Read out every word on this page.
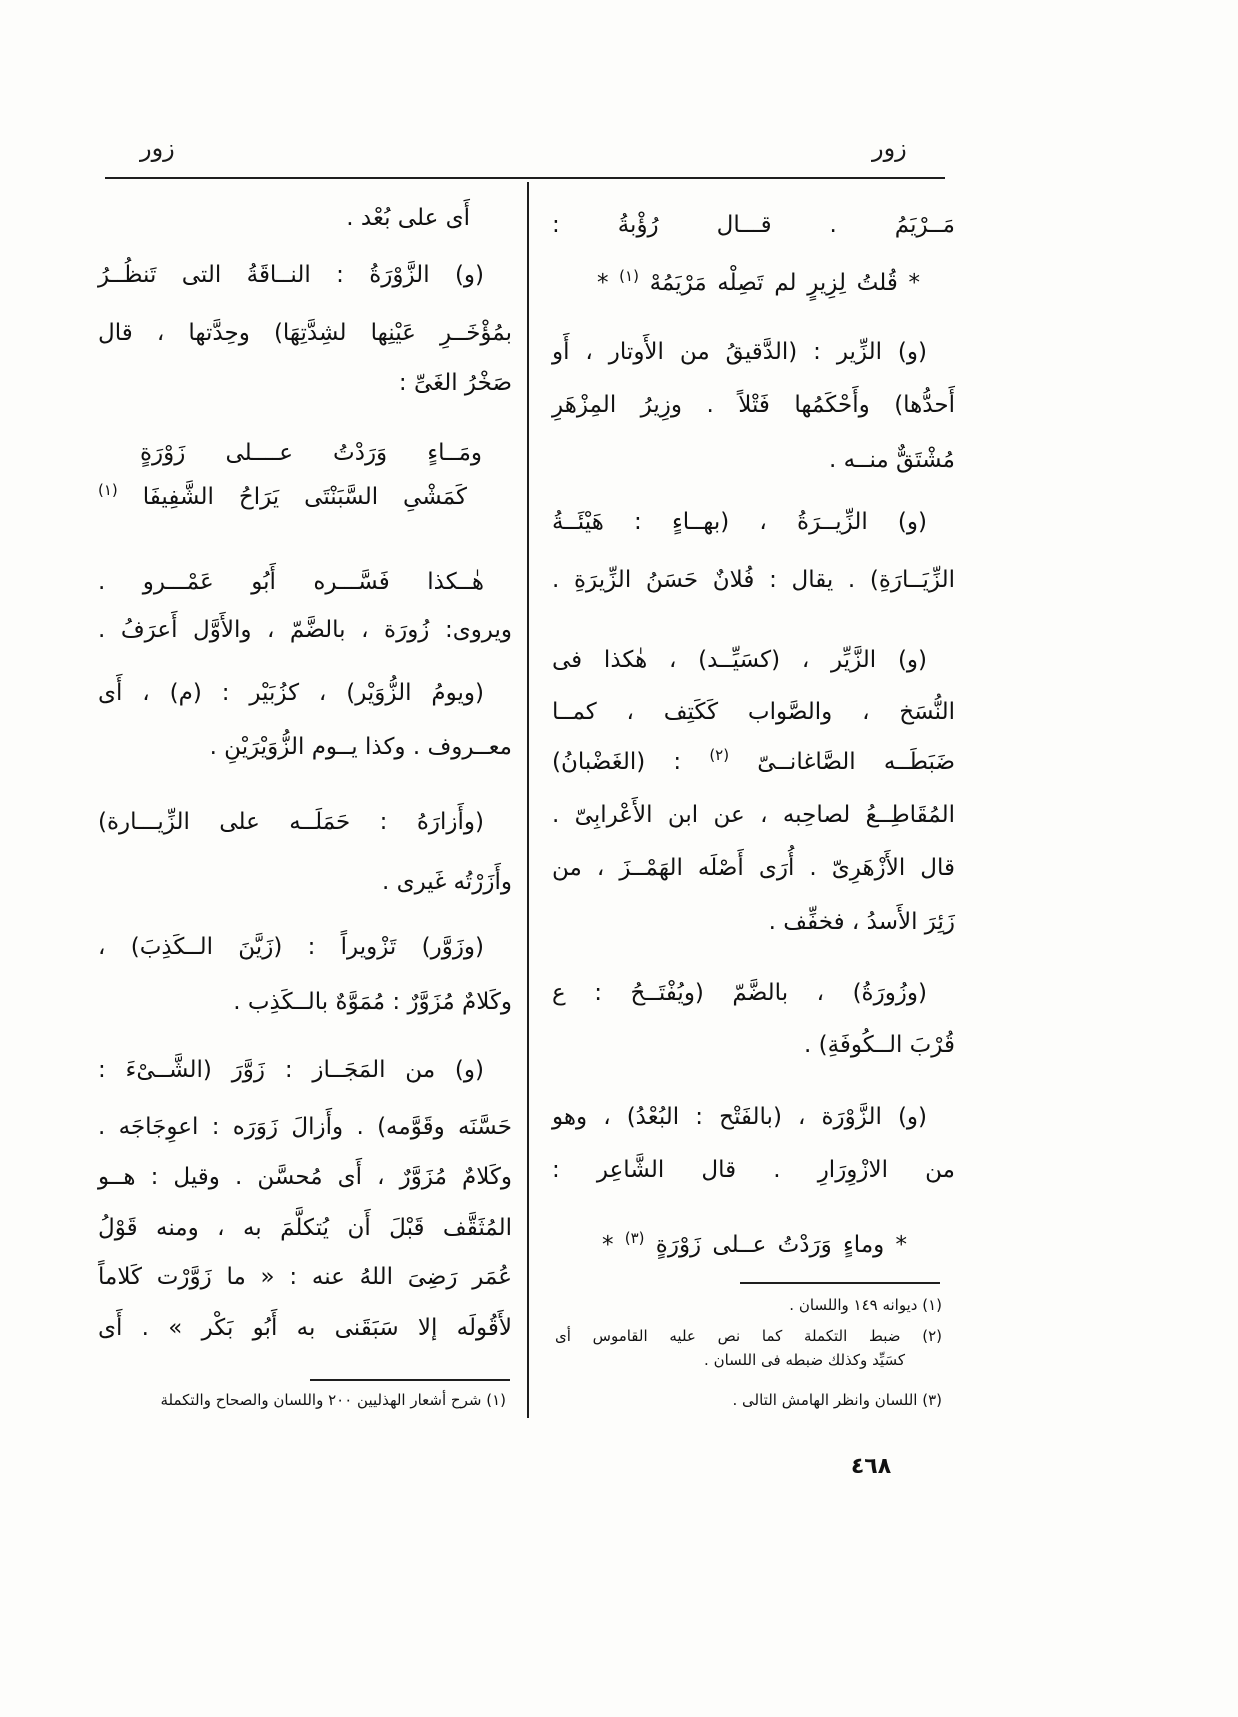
زور
زور
مَــرْيَمُ . قـــال رُؤْبةُ :
* قُلتُ لِزِيرٍ لم تَصِلْه مَرْيَمُهْ $^{(١)}$ *
(و) الزِّير : (الدَّقيقُ من الأَوتار ، أَو
أَحدُّها) وأَحْكَمُها فَتْلاً . وزِيرُ المِزْهَرِ
مُشْتَقٌّ منــه .
(و) الزِّيــرَةُ ، (بهــاءٍ : هَيْئَــةُ
الزِّيَــارَةِ) . يقال : فُلانٌ حَسَنُ الزِّيرَةِ .
(و) الزَّيِّر ، (كسَيِّــد) ، هٰكذا فى
النُّسَخ ، والصَّواب كَكَتِف ، كمــا
ضَبَطَــه الصَّاغانــىّ $^{(٢)}$ : (الغَضْبانُ)
المُقَاطِــعُ لصاحِبه ، عن ابن الأَعْرابِىّ .
قال الأَزْهَرِىّ . أُرَى أَصْلَه الهَمْــزَ ، من
زَئِرَ الأَسدُ ، فخفِّف .
(وزُورَةُ) ، بالضَّمّ (ويُفْتَــحُ : ع
قُرْبَ الــكُوفَةِ) .
(و) الزَّوْرَة ، (بالفَتْح : البُعْدُ) ، وهو
من الازْوِرَارِ . قال الشَّاعِر :
* وماءٍ وَرَدْتُ عــلى زَوْرَةٍ $^{(٣)}$ *
(١) ديوانه ١٤٩ واللسان .
(٢) ضبط التكملة كما نص عليه القاموس أى
كسَيِّد وكذلك ضبطه فى اللسان .
(٣) اللسان وانظر الهامش التالى .
أَى على بُعْد .
(و) الزَّوْرَةُ : النــاقَةُ التى تَنظُــرُ
بمُؤْخَــرِ عَيْنِها لشِدَّتِهَا) وحِدَّتها ، قال
صَخْرُ الغَىِّ :
ومَــاءٍ وَرَدْتُ عــــلى زَوْرَةٍ
كَمَشْىِ السَّبَنْتَى يَرَاحُ الشَّفِيفَا $^{(١)}$
هٰــكذا فَسَّـــره أَبُو عَمْـــرو .
ويروى: زُورَة ، بالضَّمّ ، والأَوَّل أَعرَفُ .
(ويومُ الزُّوَيْر) ، كزُبَيْر : (م) ، أَى
معــروف . وكذا يــوم الزُّوَيْرَيْنِ .
(وأَزارَهُ : حَمَلَــه على الزِّيـــارة)
وأَزَرْتُه غَيرى .
(وزَوَّر) تَزْويراً : (زَيَّنَ الــكَذِبَ) ،
وكَلامٌ مُزَوَّرٌ : مُمَوَّهٌ بالــكَذِب .
(و) من المَجَــاز : زَوَّرَ (الشَّــىْءَ :
حَسَّنَه وقَوَّمه) . وأَزالَ زَوَرَه : اعوِجَاجَه .
وكَلامٌ مُزَوَّرٌ ، أَى مُحسَّن . وقيل : هــو
المُثَقَّف قَبْلَ أَن يُتكلَّمَ به ، ومنه قَوْلُ
عُمَر رَضِىَ اللهُ عنه : « ما زَوَّرْت كَلاماً
لأَقُولَه إلا سَبَقَنى به أَبُو بَكْر » . أَى
(١) شرح أشعار الهذليين ٢٠٠ واللسان والصحاح والتكملة
٤٦٨
